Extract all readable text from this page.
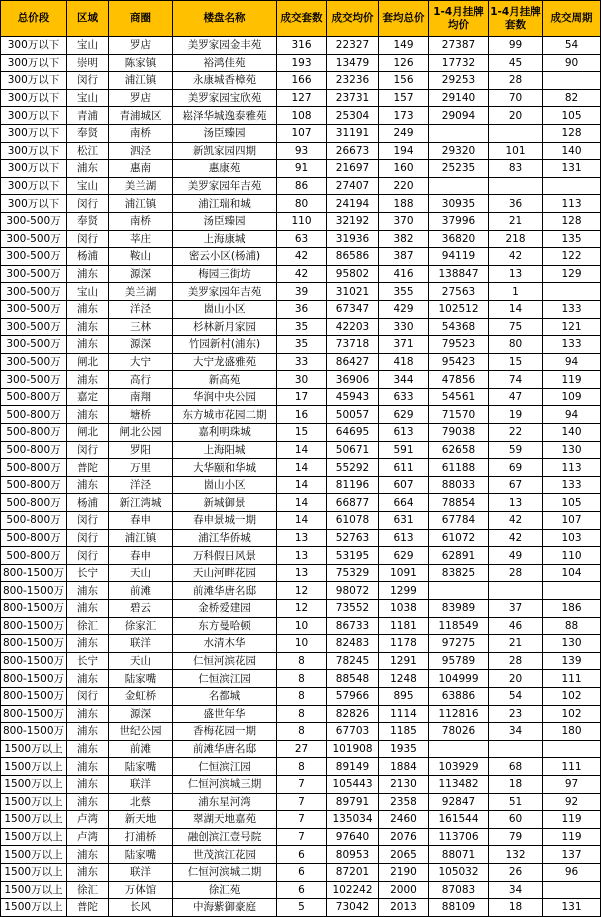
总价段	区域	商圈	楼盘名称	成交套数	成交均价	套均总价	1-4月挂牌均价	1-4月挂牌套数	成交周期
300万以下	宝山	罗店	美罗家园金丰苑	316	22327	149	27387	99	54
300万以下	崇明	陈家镇	裕鸿佳苑	193	13479	126	17732	45	90
300万以下	闵行	浦江镇	永康城香樟苑	166	23236	156	29253	28	
300万以下	宝山	罗店	美罗家园宝欣苑	127	23731	157	29140	70	82
300万以下	青浦	青浦城区	崧泽华城逸泰雅苑	108	25304	173	29094	20	105
300万以下	奉贤	南桥	汤臣臻园	107	31191	249			128
300万以下	松江	泗泾	新凯家园四期	93	26673	194	29320	101	140
300万以下	浦东	惠南	惠康苑	91	21697	160	25235	83	131
300万以下	宝山	美兰湖	美罗家园年吉苑	86	27407	220			
300万以下	闵行	浦江镇	浦江瑞和城	80	24194	188	30935	36	113
300-500万	奉贤	南桥	汤臣臻园	110	32192	370	37996	21	128
300-500万	闵行	莘庄	上海康城	63	31936	382	36820	218	135
300-500万	杨浦	鞍山	密云小区(杨浦)	42	86586	387	94119	42	122
300-500万	浦东	源深	梅园三街坊	42	95802	416	138847	13	129
300-500万	宝山	美兰湖	美罗家园年吉苑	39	31021	355	27563	1	
300-500万	浦东	洋泾	崮山小区	36	67347	429	102512	14	133
300-500万	浦东	三林	杉林新月家园	35	42203	330	54368	75	121
300-500万	浦东	源深	竹园新村(浦东)	35	73718	371	79523	80	133
300-500万	闸北	大宁	大宁龙盛雅苑	33	86427	418	95423	15	94
300-500万	浦东	高行	新高苑	30	36906	344	47856	74	119
500-800万	嘉定	南翔	华润中央公园	17	45943	633	54561	47	109
500-800万	浦东	塘桥	东方城市花园二期	16	50057	629	71570	19	94
500-800万	闸北	闸北公园	嘉利明珠城	15	64695	613	79038	22	140
500-800万	闵行	罗阳	上海阳城	14	50671	591	62658	59	130
500-800万	普陀	万里	大华颐和华城	14	55292	611	61188	69	113
500-800万	浦东	洋泾	崮山小区	14	81196	607	88033	67	133
500-800万	杨浦	新江湾城	新城御景	14	66877	664	78854	13	105
500-800万	闵行	春申	春申景城一期	14	61078	631	67784	42	107
500-800万	闵行	浦江镇	浦江华侨城	13	52763	613	61072	42	103
500-800万	闵行	春申	万科假日风景	13	53195	629	62891	49	110
800-1500万	长宁	天山	天山河畔花园	13	75329	1091	83825	28	104
800-1500万	浦东	前滩	前滩华唐名邸	12	98072	1299			
800-1500万	浦东	碧云	金桥爱建园	12	73552	1038	83989	37	186
800-1500万	徐汇	徐家汇	东方曼哈顿	10	86733	1181	118549	46	88
800-1500万	浦东	联洋	水清木华	10	82483	1178	97275	21	130
800-1500万	长宁	天山	仁恒河滨花园	8	78245	1291	95789	28	139
800-1500万	浦东	陆家嘴	仁恒滨江园	8	88548	1248	104999	20	111
800-1500万	闵行	金虹桥	名都城	8	57966	895	63886	54	102
800-1500万	浦东	源深	盛世年华	8	82826	1114	112816	23	102
800-1500万	浦东	世纪公园	香梅花园一期	8	67703	1185	78026	34	180
1500万以上	浦东	前滩	前滩华唐名邸	27	101908	1935			
1500万以上	浦东	陆家嘴	仁恒滨江园	8	89149	1884	103929	68	111
1500万以上	浦东	联洋	仁恒河滨城三期	7	105443	2130	113482	18	97
1500万以上	浦东	北蔡	浦东星河湾	7	89791	2358	92847	51	92
1500万以上	卢湾	新天地	翠湖天地嘉苑	7	135034	2460	161544	60	119
1500万以上	卢湾	打浦桥	融创滨江壹号院	7	97640	2076	113706	79	119
1500万以上	浦东	陆家嘴	世茂滨江花园	6	80953	2065	88071	132	137
1500万以上	浦东	联洋	仁恒河滨城二期	6	87201	2190	105032	26	96
1500万以上	徐汇	万体馆	徐汇苑	6	102242	2000	87083	34	
1500万以上	普陀	长风	中海紫御豪庭	5	73042	2013	88109	18	131
